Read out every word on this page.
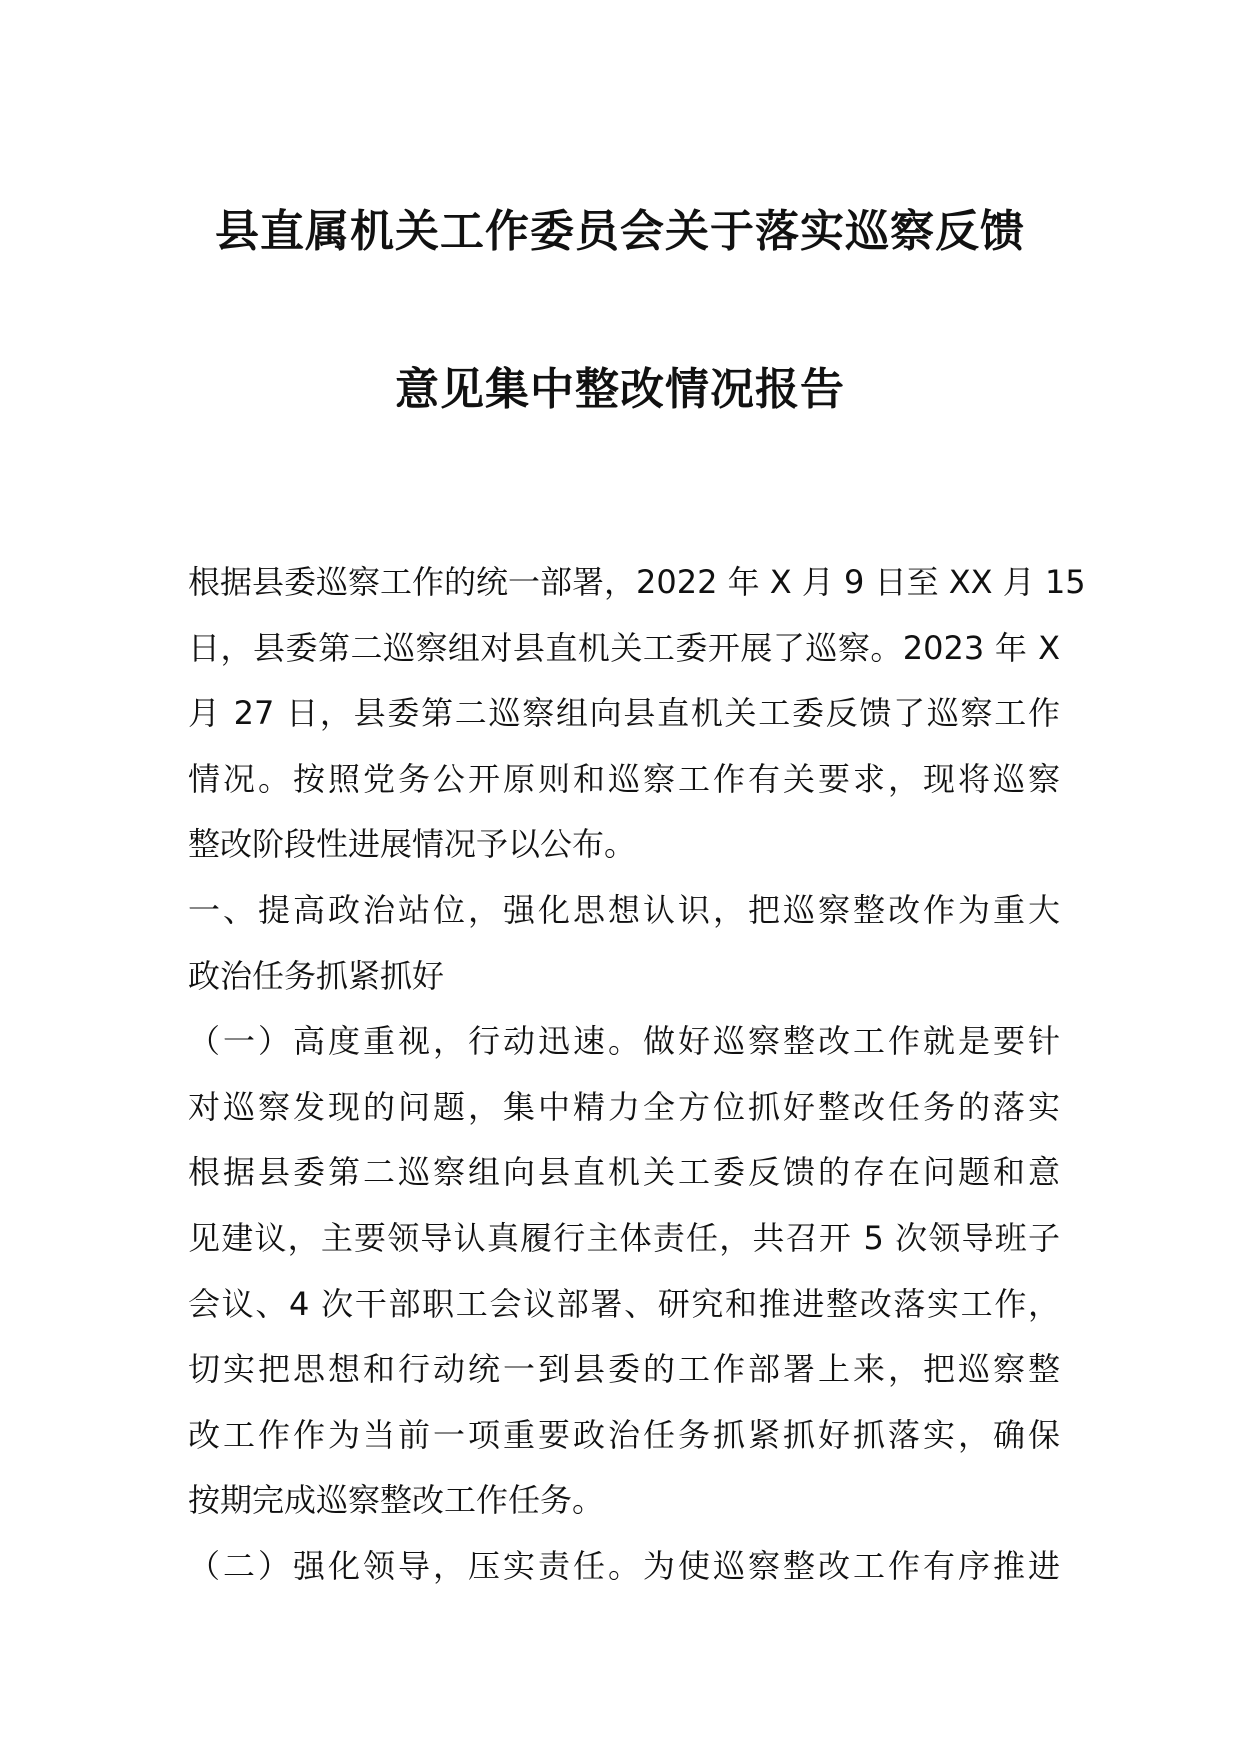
县直属机关工作委员会关于落实巡察反馈
意见集中整改情况报告
根据县委巡察工作的统一部署，2022 年 X 月 9 日至 XX 月 15
日，县委第二巡察组对县直机关工委开展了巡察。2023 年 X
月 27 日，县委第二巡察组向县直机关工委反馈了巡察工作
情况。按照党务公开原则和巡察工作有关要求，现将巡察
整改阶段性进展情况予以公布。
一、提高政治站位，强化思想认识，把巡察整改作为重大
政治任务抓紧抓好
（一）高度重视，行动迅速。做好巡察整改工作就是要针
对巡察发现的问题，集中精力全方位抓好整改任务的落实
根据县委第二巡察组向县直机关工委反馈的存在问题和意
见建议，主要领导认真履行主体责任，共召开 5 次领导班子
会议、4 次干部职工会议部署、研究和推进整改落实工作，
切实把思想和行动统一到县委的工作部署上来，把巡察整
改工作作为当前一项重要政治任务抓紧抓好抓落实，确保
按期完成巡察整改工作任务。
（二）强化领导，压实责任。为使巡察整改工作有序推进
